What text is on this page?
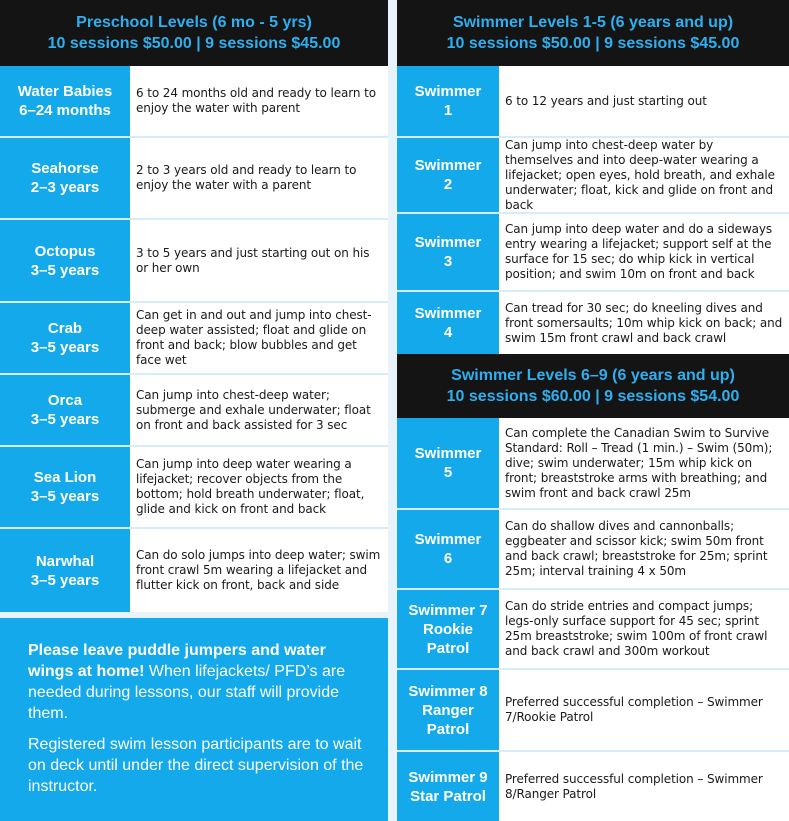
Preschool Levels (6 mo - 5 yrs)
10 sessions $50.00 | 9 sessions $45.00
Water Babies
6–24 months
6 to 24 months old and ready to learn to enjoy the water with parent
Seahorse
2–3 years
2 to 3 years old and ready to learn to enjoy the water with a parent
Octopus
3–5 years
3 to 5 years and just starting out on his or her own
Crab
3–5 years
Can get in and out and jump into chest-deep water assisted; float and glide on front and back; blow bubbles and get face wet
Orca
3–5 years
Can jump into chest-deep water; submerge and exhale underwater; float on front and back assisted for 3 sec
Sea Lion
3–5 years
Can jump into deep water wearing a lifejacket; recover objects from the bottom; hold breath underwater; float, glide and kick on front and back
Narwhal
3–5 years
Can do solo jumps into deep water; swim front crawl 5m wearing a lifejacket and flutter kick on front, back and side

Please leave puddle jumpers and water wings at home! When lifejackets/ PFD’s are needed during lessons, our staff will provide them.

Registered swim lesson participants are to wait on deck until under the direct supervision of the instructor.

Swimmer Levels 1-5 (6 years and up)
10 sessions $50.00 | 9 sessions $45.00
Swimmer
1
6 to 12 years and just starting out
Swimmer
2
Can jump into chest-deep water by themselves and into deep-water wearing a lifejacket; open eyes, hold breath, and exhale underwater; float, kick and glide on front and back
Swimmer
3
Can jump into deep water and do a sideways entry wearing a lifejacket; support self at the surface for 15 sec; do whip kick in vertical position; and swim 10m on front and back
Swimmer
4
Can tread for 30 sec; do kneeling dives and front somersaults; 10m whip kick on back; and swim 15m front crawl and back crawl
Swimmer Levels 6–9 (6 years and up)
10 sessions $60.00 | 9 sessions $54.00
Swimmer
5
Can complete the Canadian Swim to Survive Standard: Roll – Tread (1 min.) – Swim (50m); dive; swim underwater; 15m whip kick on front; breaststroke arms with breathing; and swim front and back crawl 25m
Swimmer
6
Can do shallow dives and cannonballs; eggbeater and scissor kick; swim 50m front and back crawl; breaststroke for 25m; sprint 25m; interval training 4 x 50m
Swimmer 7
Rookie Patrol
Can do stride entries and compact jumps; legs-only surface support for 45 sec; sprint 25m breaststroke; swim 100m of front crawl and back crawl and 300m workout
Swimmer 8
Ranger Patrol
Preferred successful completion – Swimmer 7/Rookie Patrol
Swimmer 9
Star Patrol
Preferred successful completion – Swimmer 8/Ranger Patrol
